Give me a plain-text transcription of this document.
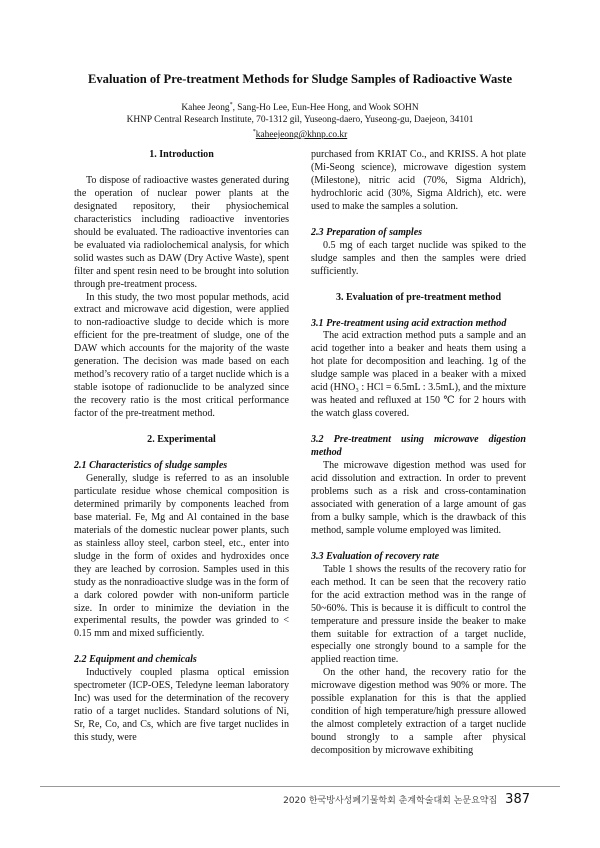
Evaluation of Pre-treatment Methods for Sludge Samples of Radioactive Waste
Kahee Jeong*, Sang-Ho Lee, Eun-Hee Hong, and Wook SOHN
KHNP Central Research Institute, 70-1312 gil, Yuseong-daero, Yuseong-gu, Daejeon, 34101
*kaheejeong@khnp.co.kr
1. Introduction

To dispose of radioactive wastes generated during the operation of nuclear power plants at the designated repository, their physiochemical characteristics including radioactive inventories should be evaluated. The radioactive inventories can be evaluated via radiolochemical analysis, for which solid wastes such as DAW (Dry Active Waste), spent filter and spent resin need to be brought into solution through pre-treatment process.

In this study, the two most popular methods, acid extract and microwave acid digestion, were applied to non-radioactive sludge to decide which is more efficient for the pre-treatment of sludge, one of the DAW which accounts for the majority of the waste generation. The decision was made based on each method’s recovery ratio of a target nuclide which is a stable isotope of radionuclide to be analyzed since the recovery ratio is the most critical performance factor of the pre-treatment method.

2. Experimental
2.1 Characteristics of sludge samples

Generally, sludge is referred to as an insoluble particulate residue whose chemical composition is determined primarily by components leached from base material. Fe, Mg and Al contained in the base materials of the domestic nuclear power plants, such as stainless alloy steel, carbon steel, etc., enter into sludge in the form of oxides and hydroxides once they are leached by corrosion. Samples used in this study as the nonradioactive sludge was in the form of a dark colored powder with non-uniform particle size. In order to minimize the deviation in the experimental results, the powder was grinded to < 0.15 mm and mixed sufficiently.

2.2 Equipment and chemicals

Inductively coupled plasma optical emission spectrometer (ICP-OES, Teledyne leeman laboratory Inc) was used for the determination of the recovery ratio of a target nuclides. Standard solutions of Ni, Sr, Re, Co, and Cs, which are five target nuclides in this study, were

purchased from KRIAT Co., and KRISS. A hot plate (Mi-Seong science), microwave digestion system (Milestone), nitric acid (70%, Sigma Aldrich), hydrochloric acid (30%, Sigma Aldrich), etc. were used to make the samples a solution.

2.3 Preparation of samples

0.5 mg of each target nuclide was spiked to the sludge samples and then the samples were dried sufficiently.

3. Evaluation of pre-treatment method
3.1 Pre-treatment using acid extraction method

The acid extraction method puts a sample and an acid together into a beaker and heats them using a hot plate for decomposition and leaching. 1g of the sludge sample was placed in a beaker with a mixed acid (HNO₃ : HCl = 6.5mL : 3.5mL), and the mixture was heated and refluxed at 150 ℃ for 2 hours with the watch glass covered.

3.2 Pre-treatment using microwave digestion method

The microwave digestion method was used for acid dissolution and extraction. In order to prevent problems such as a risk and cross-contamination associated with generation of a large amount of gas from a bulky sample, which is the drawback of this method, sample volume employed was limited.

3.3 Evaluation of recovery rate

Table 1 shows the results of the recovery ratio for each method. It can be seen that the recovery ratio for the acid extraction method was in the range of 50~60%. This is because it is difficult to control the temperature and pressure inside the beaker to make them suitable for extraction of a target nuclide, especially one strongly bound to a sample for the applied reaction time.

On the other hand, the recovery ratio for the microwave digestion method was 90% or more. The possible explanation for this is that the applied condition of high temperature/high pressure allowed the almost completely extraction of a target nuclide bound strongly to a sample after physical decomposition by microwave exhibiting

2020 한국방사성폐기물학회 춘계학술대회 논문요약집 387
